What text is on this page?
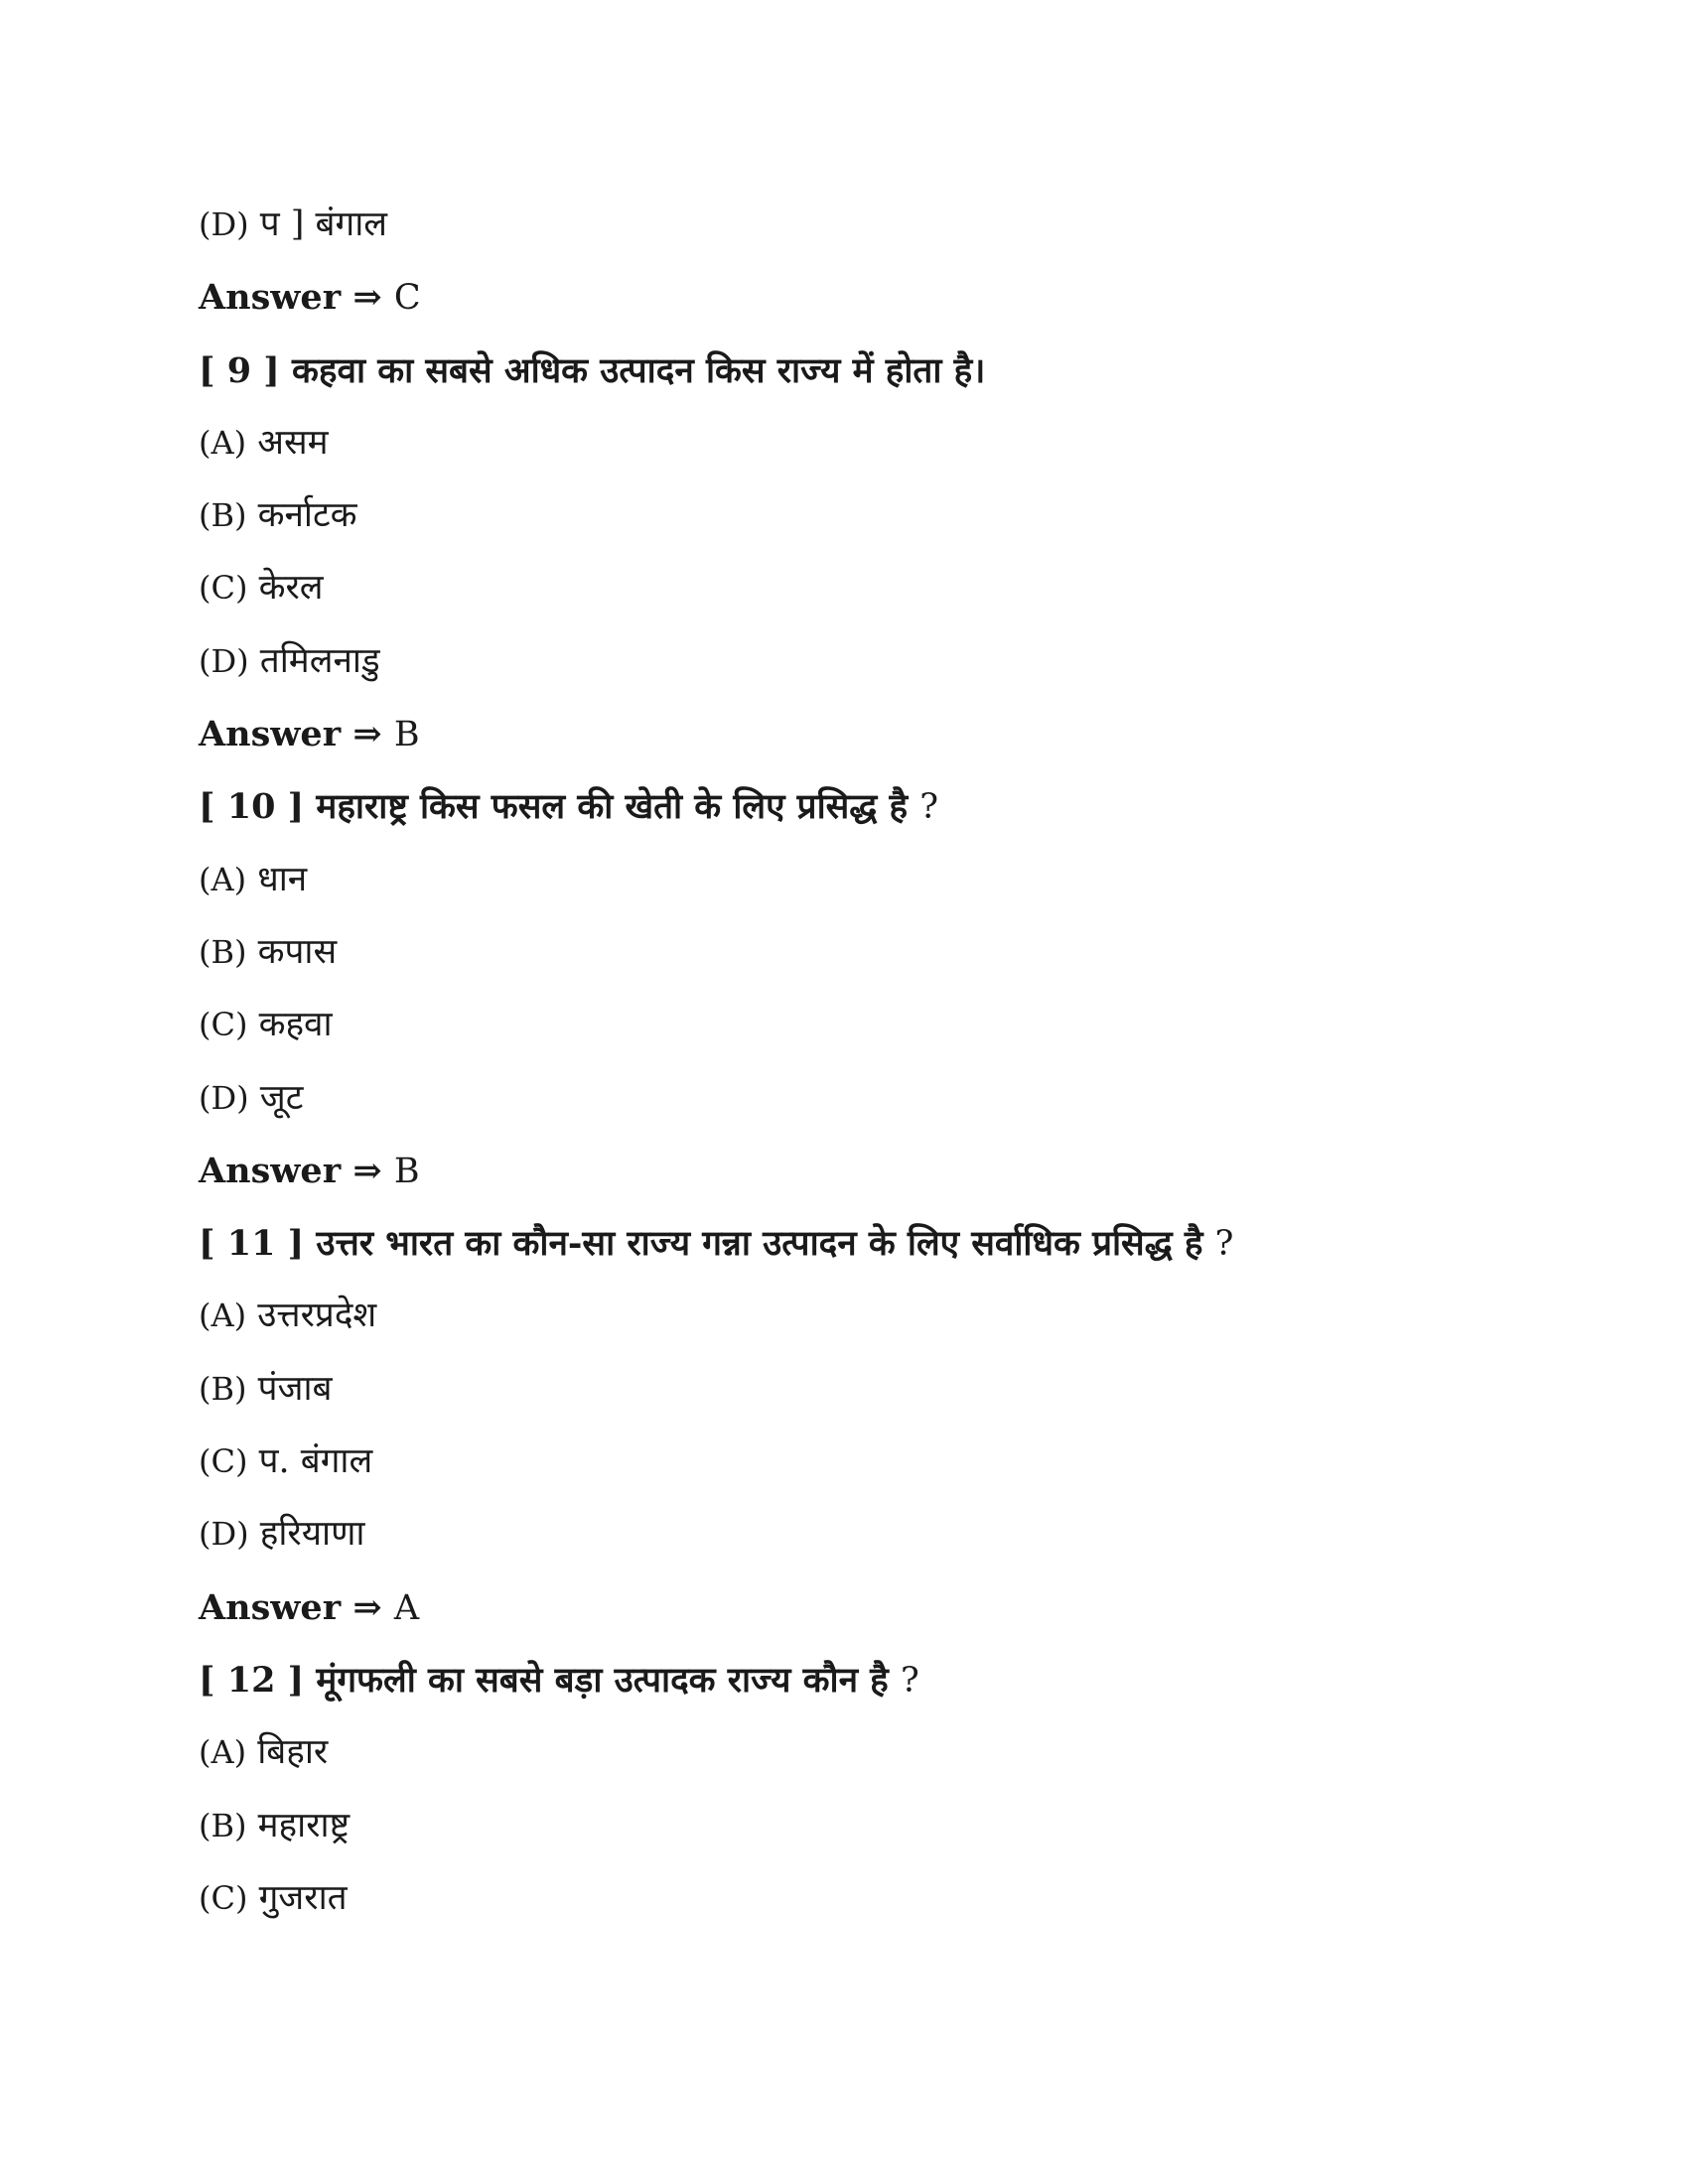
(D) प ] बंगाल
Answer ⇒ C
[ 9 ] कहवा का सबसे अधिक उत्पादन किस राज्य में होता है।
(A) असम
(B) कर्नाटक
(C) केरल
(D) तमिलनाडु
Answer ⇒ B
[ 10 ] महाराष्ट्र किस फसल की खेती के लिए प्रसिद्ध है ?
(A) धान
(B) कपास
(C) कहवा
(D) जूट
Answer ⇒ B
[ 11 ] उत्तर भारत का कौन-सा राज्य गन्ना उत्पादन के लिए सर्वाधिक प्रसिद्ध है ?
(A) उत्तरप्रदेश
(B) पंजाब
(C) प. बंगाल
(D) हरियाणा
Answer ⇒ A
[ 12 ] मूंगफली का सबसे बड़ा उत्पादक राज्य कौन है ?
(A) बिहार
(B) महाराष्ट्र
(C) गुजरात
